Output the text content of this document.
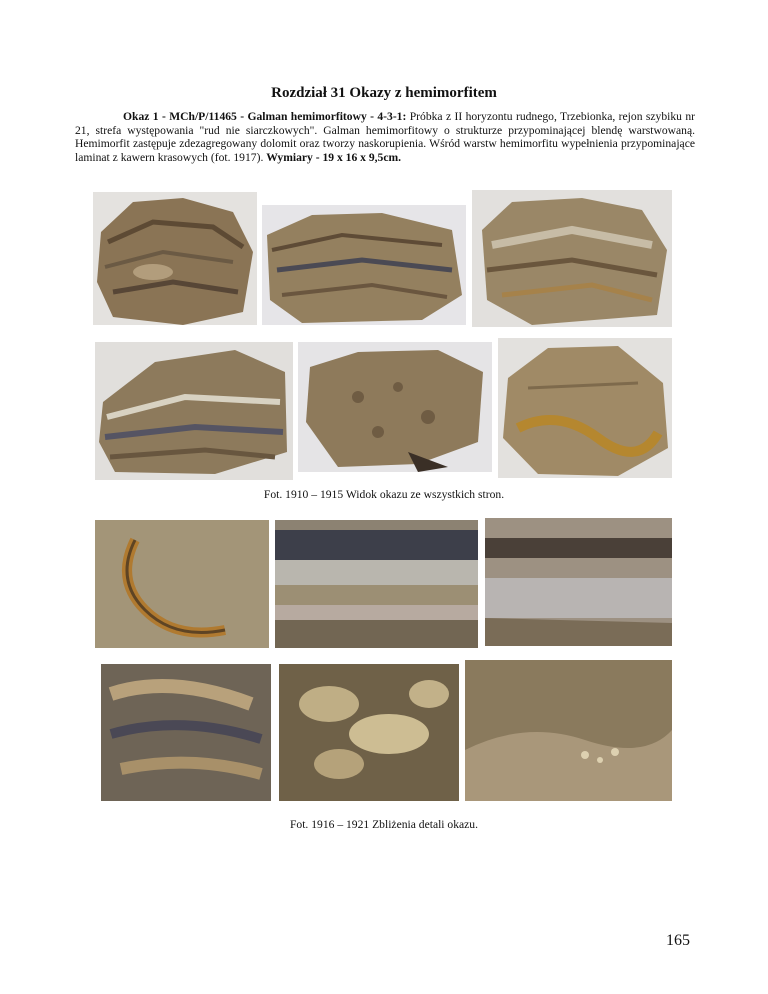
Rozdział 31 Okazy z hemimorfitem

Okaz 1 - MCh/P/11465 - Galman hemimorfitowy - 4-3-1: Próbka z II horyzontu rudnego, Trzebionka, rejon szybiku nr 21, strefa występowania "rud nie siarczkowych". Galman hemimorfitowy o strukturze przypominającej blendę warstwowaną. Hemimorfit zastępuje zdezagregowany dolomit oraz tworzy naskorupienia. Wśród warstw hemimorfitu wypełnienia przypominające laminat z kawern krasowych (fot. 1917). Wymiary - 19 x 16 x 9,5cm.

Fot. 1910 – 1915 Widok okazu ze wszystkich stron.
Fot. 1916 – 1921 Zbliżenia detali okazu.
165
